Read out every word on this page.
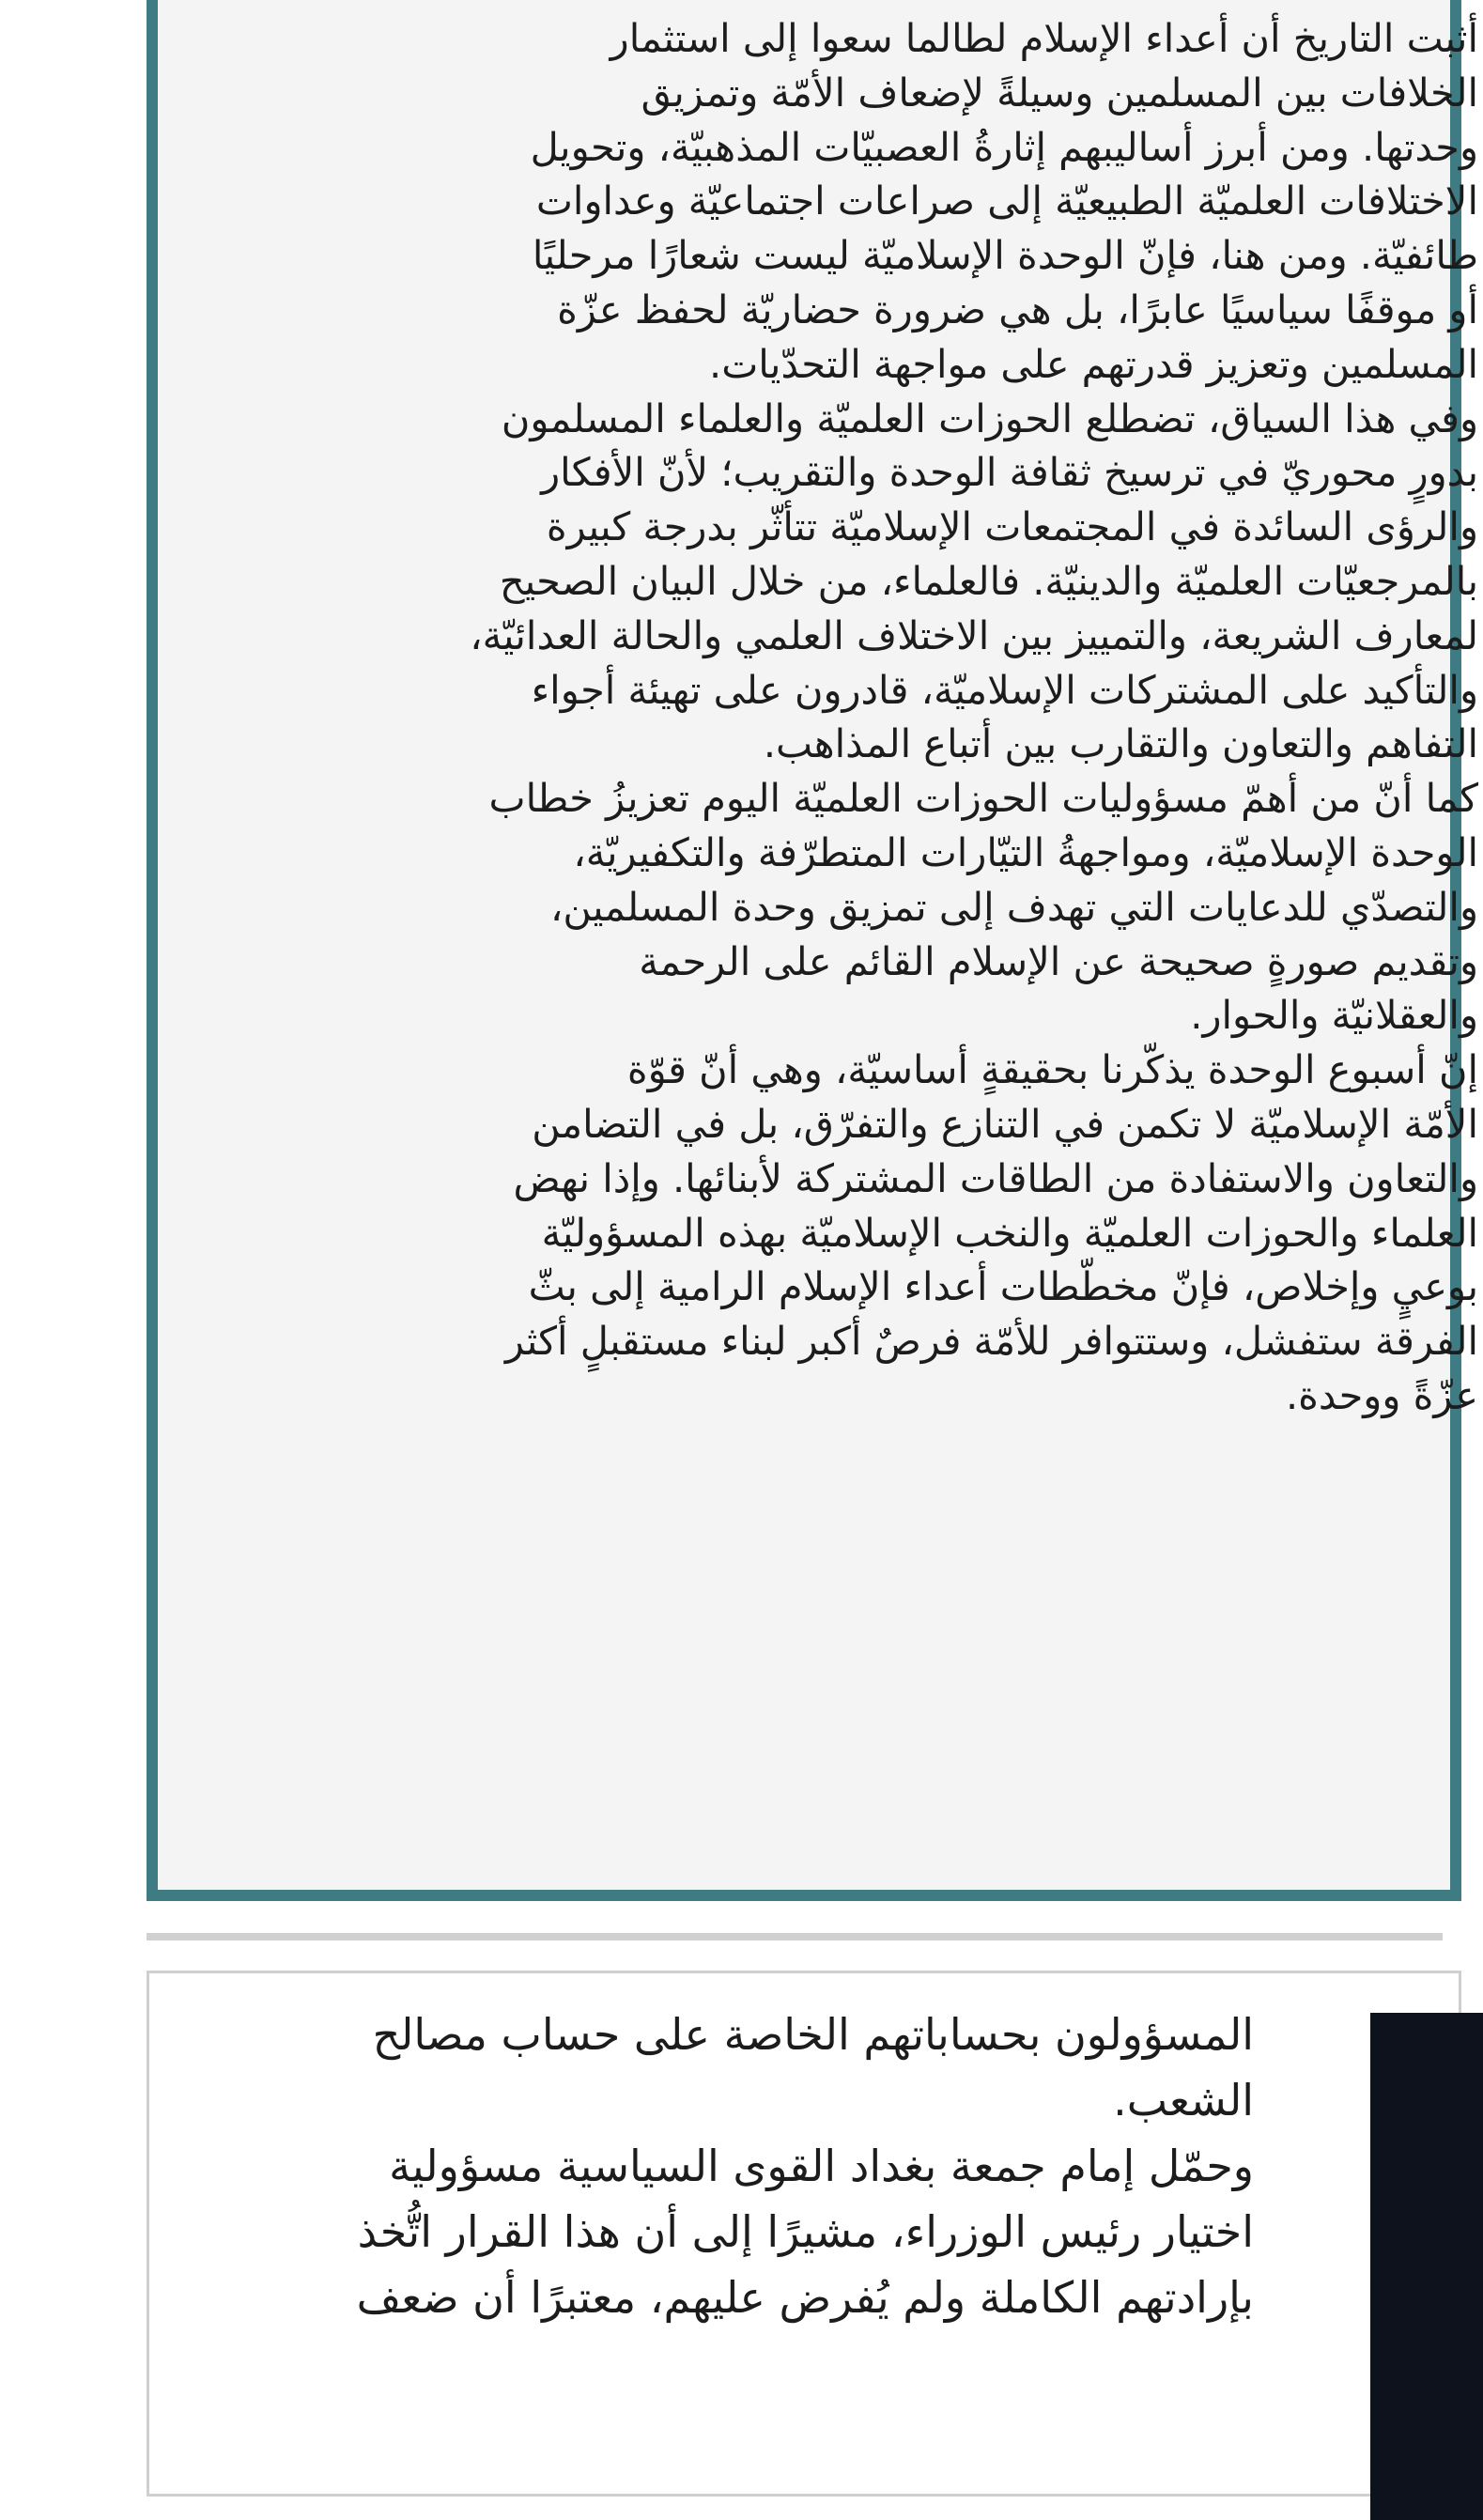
أثبت التاريخ أن أعداء الإسلام لطالما سعوا إلى استثمار
الخلافات بين المسلمين وسيلةً لإضعاف الأمّة وتمزيق
وحدتها. ومن أبرز أساليبهم إثارةُ العصبيّات المذهبيّة، وتحويل
الاختلافات العلميّة الطبيعيّة إلى صراعات اجتماعيّة وعداوات
طائفيّة. ومن هنا، فإنّ الوحدة الإسلاميّة ليست شعارًا مرحليًا
أو موقفًا سياسيًا عابرًا، بل هي ضرورة حضاريّة لحفظ عزّة
المسلمين وتعزيز قدرتهم على مواجهة التحدّيات.
وفي هذا السياق، تضطلع الحوزات العلميّة والعلماء المسلمون
بدورٍ محوريّ في ترسيخ ثقافة الوحدة والتقريب؛ لأنّ الأفكار
والرؤى السائدة في المجتمعات الإسلاميّة تتأثّر بدرجة كبيرة
بالمرجعيّات العلميّة والدينيّة. فالعلماء، من خلال البيان الصحيح
لمعارف الشريعة، والتمييز بين الاختلاف العلمي والحالة العدائيّة،
والتأكيد على المشتركات الإسلاميّة، قادرون على تهيئة أجواء
التفاهم والتعاون والتقارب بين أتباع المذاهب.
كما أنّ من أهمّ مسؤوليات الحوزات العلميّة اليوم تعزيزُ خطاب
الوحدة الإسلاميّة، ومواجهةُ التيّارات المتطرّفة والتكفيريّة،
والتصدّي للدعايات التي تهدف إلى تمزيق وحدة المسلمين،
وتقديم صورةٍ صحيحة عن الإسلام القائم على الرحمة
والعقلانيّة والحوار.
إنّ أسبوع الوحدة يذكّرنا بحقيقةٍ أساسيّة، وهي أنّ قوّة
الأمّة الإسلاميّة لا تكمن في التنازع والتفرّق، بل في التضامن
والتعاون والاستفادة من الطاقات المشتركة لأبنائها. وإذا نهض
العلماء والحوزات العلميّة والنخب الإسلاميّة بهذه المسؤوليّة
بوعيٍ وإخلاص، فإنّ مخطّطات أعداء الإسلام الرامية إلى بثّ
الفرقة ستفشل، وستتوافر للأمّة فرصٌ أكبر لبناء مستقبلٍ أكثر
عزّةً ووحدة.
المسؤولون بحساباتهم الخاصة على حساب مصالح
الشعب.
وحمّل إمام جمعة بغداد القوى السياسية مسؤولية
اختيار رئيس الوزراء، مشيرًا إلى أن هذا القرار اتُّخذ
بإرادتهم الكاملة ولم يُفرض عليهم، معتبرًا أن ضعف
